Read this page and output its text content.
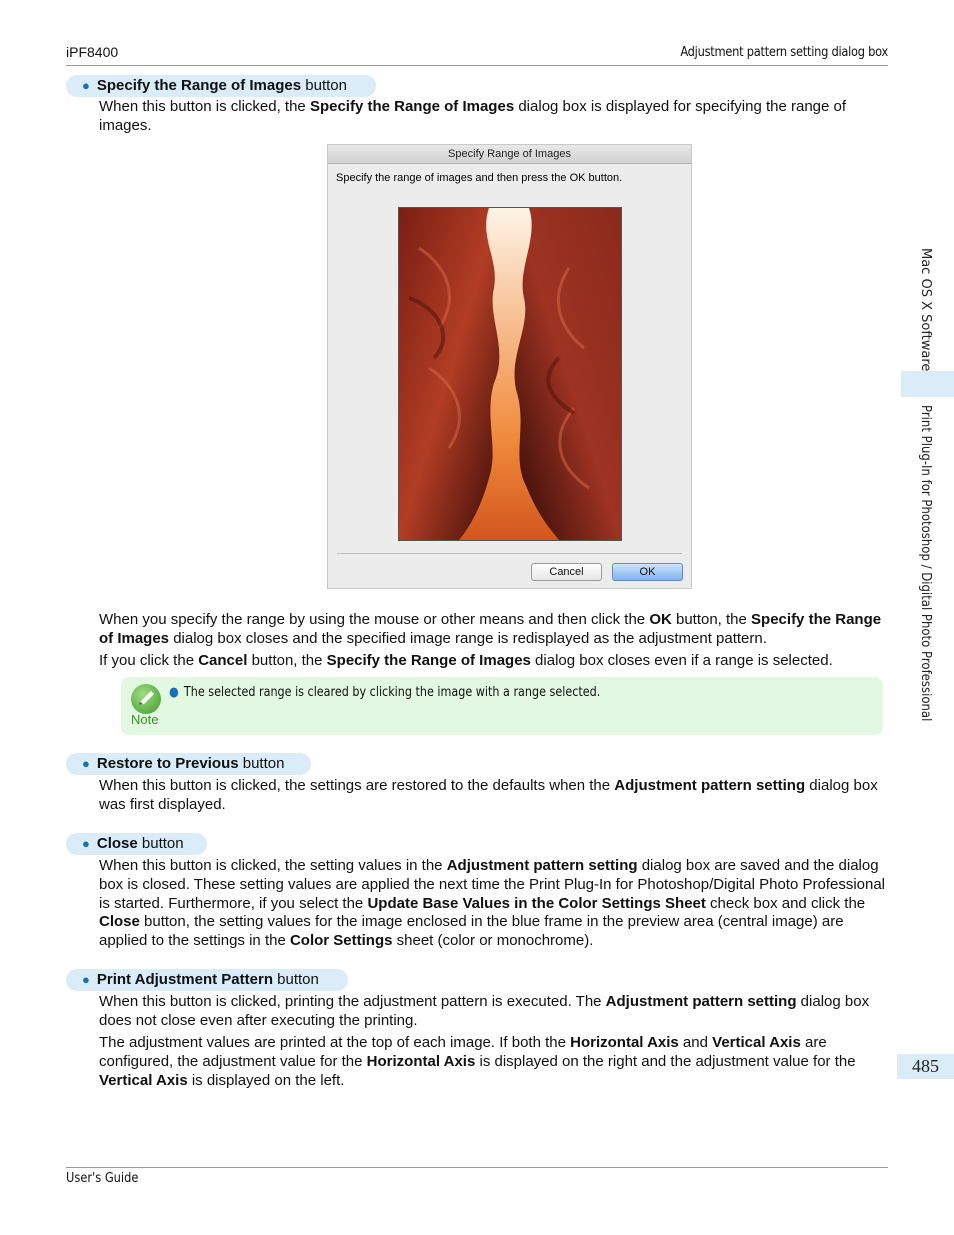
iPF8400	Adjustment pattern setting dialog box
● Specify the Range of Images button
When this button is clicked, the Specify the Range of Images dialog box is displayed for specifying the range of images.
Specify Range of Images
Specify the range of images and then press the OK button.
Cancel	OK
When you specify the range by using the mouse or other means and then click the OK button, the Specify the Range of Images dialog box closes and the specified image range is redisplayed as the adjustment pattern.
If you click the Cancel button, the Specify the Range of Images dialog box closes even if a range is selected.
Note
● The selected range is cleared by clicking the image with a range selected.
● Restore to Previous button
When this button is clicked, the settings are restored to the defaults when the Adjustment pattern setting dialog box was first displayed.
● Close button
When this button is clicked, the setting values in the Adjustment pattern setting dialog box are saved and the dialog box is closed. These setting values are applied the next time the Print Plug-In for Photoshop/Digital Photo Professional is started. Furthermore, if you select the Update Base Values in the Color Settings Sheet check box and click the Close button, the setting values for the image enclosed in the blue frame in the preview area (central image) are applied to the settings in the Color Settings sheet (color or monochrome).
● Print Adjustment Pattern button
When this button is clicked, printing the adjustment pattern is executed. The Adjustment pattern setting dialog box does not close even after executing the printing.
The adjustment values are printed at the top of each image. If both the Horizontal Axis and Vertical Axis are configured, the adjustment value for the Horizontal Axis is displayed on the right and the adjustment value for the Vertical Axis is displayed on the left.
Mac OS X Software
Print Plug-In for Photoshop / Digital Photo Professional
485
User's Guide
